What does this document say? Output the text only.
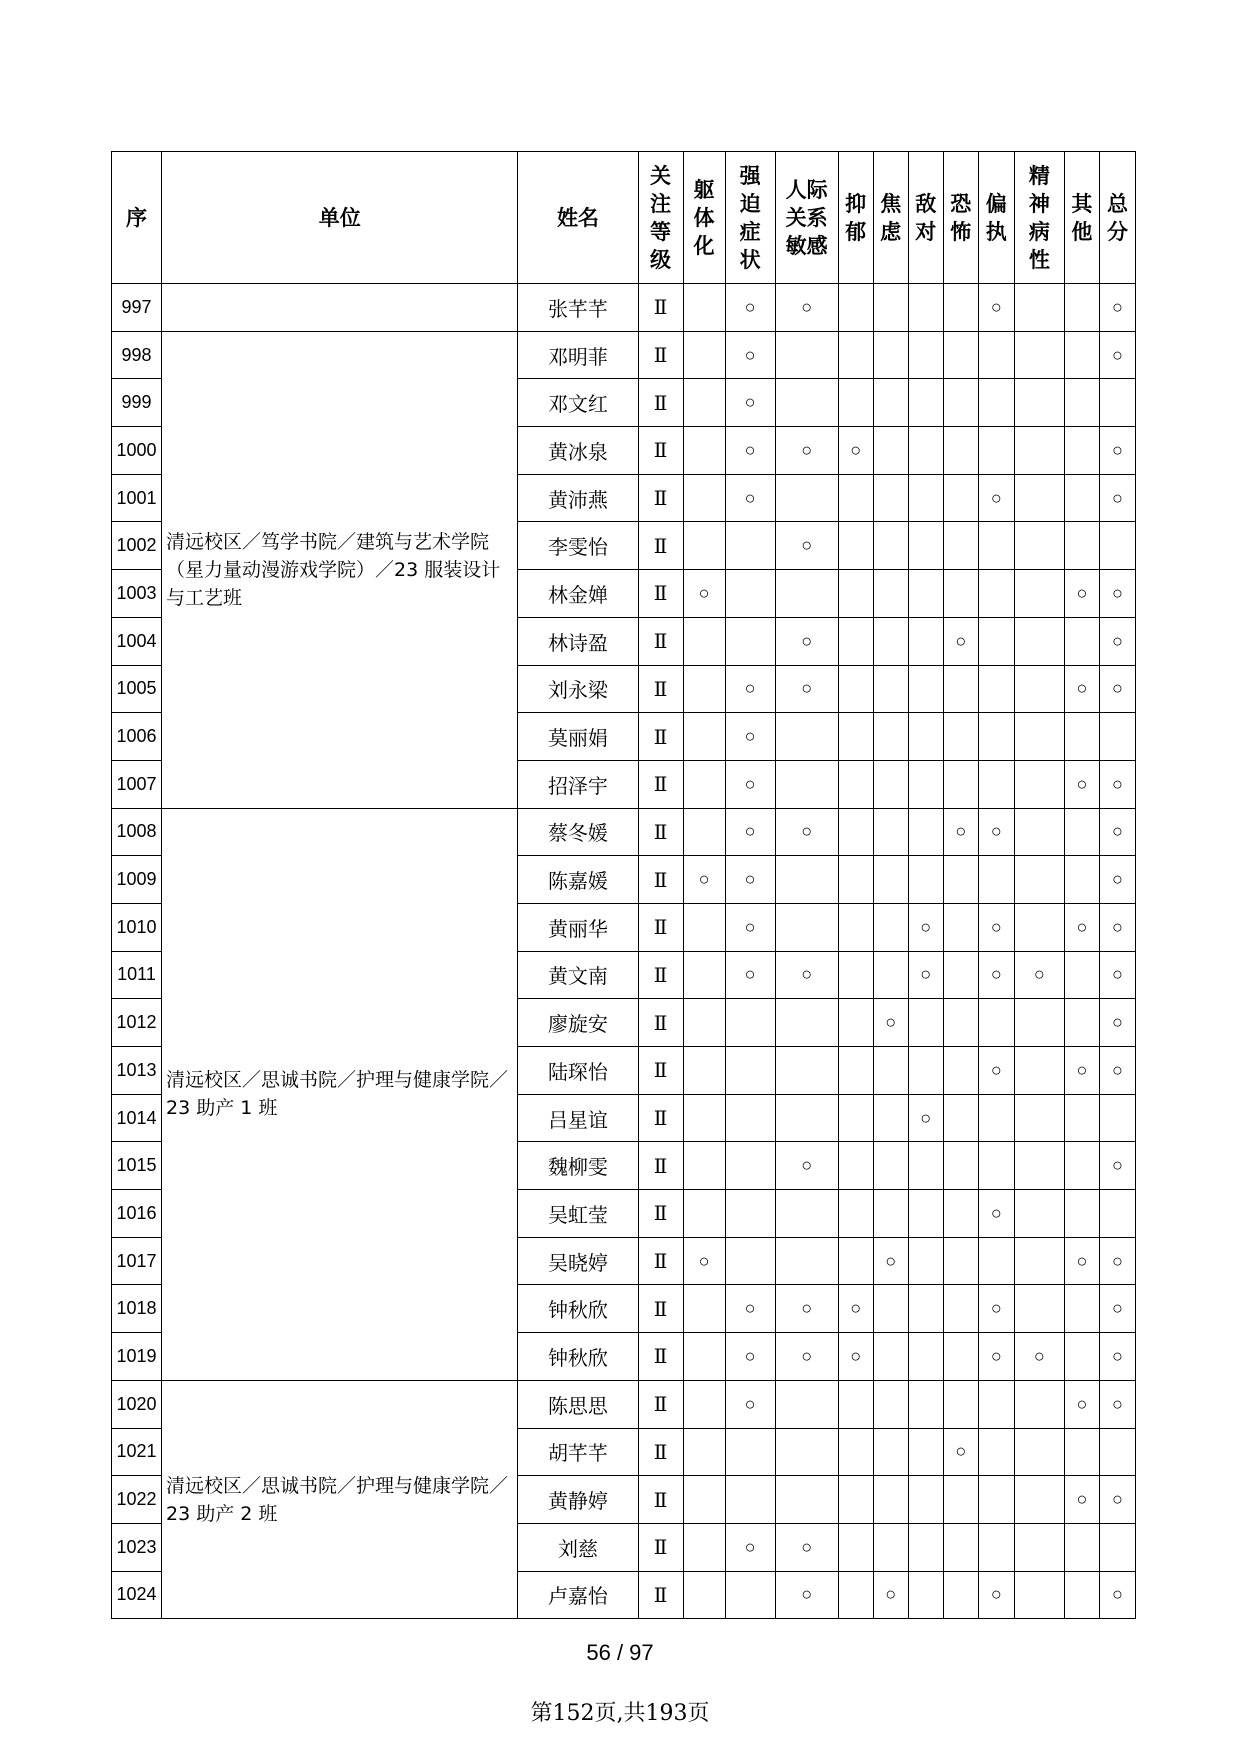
序	单位	姓名	关注等级	躯体化	强迫症状	人际关系敏感	抑郁	焦虑	敌对	恐怖	偏执	精神病性	其他	总分
997		张芊芊	Ⅱ		○	○					○			○
998	清远校区／笃学书院／建筑与艺术学院（星力量动漫游戏学院）／23 服装设计与工艺班	邓明菲	Ⅱ		○									○
999		邓文红	Ⅱ		○									
1000		黄冰泉	Ⅱ		○	○	○							○
1001		黄沛燕	Ⅱ		○						○			○
1002		李雯怡	Ⅱ			○								
1003		林金婵	Ⅱ	○									○	○
1004		林诗盈	Ⅱ			○				○				○
1005		刘永梁	Ⅱ		○	○							○	○
1006		莫丽娟	Ⅱ		○									
1007		招泽宇	Ⅱ		○								○	○
1008	清远校区／思诚书院／护理与健康学院／23 助产 1 班	蔡冬媛	Ⅱ		○	○				○	○			○
1009		陈嘉媛	Ⅱ	○	○									○
1010		黄丽华	Ⅱ		○				○		○		○	○
1011		黄文南	Ⅱ		○	○			○		○	○		○
1012		廖旋安	Ⅱ					○						○
1013		陆琛怡	Ⅱ								○		○	○
1014		吕星谊	Ⅱ						○					
1015		魏柳雯	Ⅱ			○								○
1016		吴虹莹	Ⅱ								○			
1017		吴晓婷	Ⅱ	○				○					○	○
1018		钟秋欣	Ⅱ		○	○	○				○			○
1019		钟秋欣	Ⅱ		○	○	○				○	○		○
1020	清远校区／思诚书院／护理与健康学院／23 助产 2 班	陈思思	Ⅱ		○								○	○
1021		胡芊芊	Ⅱ							○				
1022		黄静婷	Ⅱ										○	○
1023		刘慈	Ⅱ		○	○								
1024		卢嘉怡	Ⅱ			○		○			○			○
56 / 97
第152页,共193页
